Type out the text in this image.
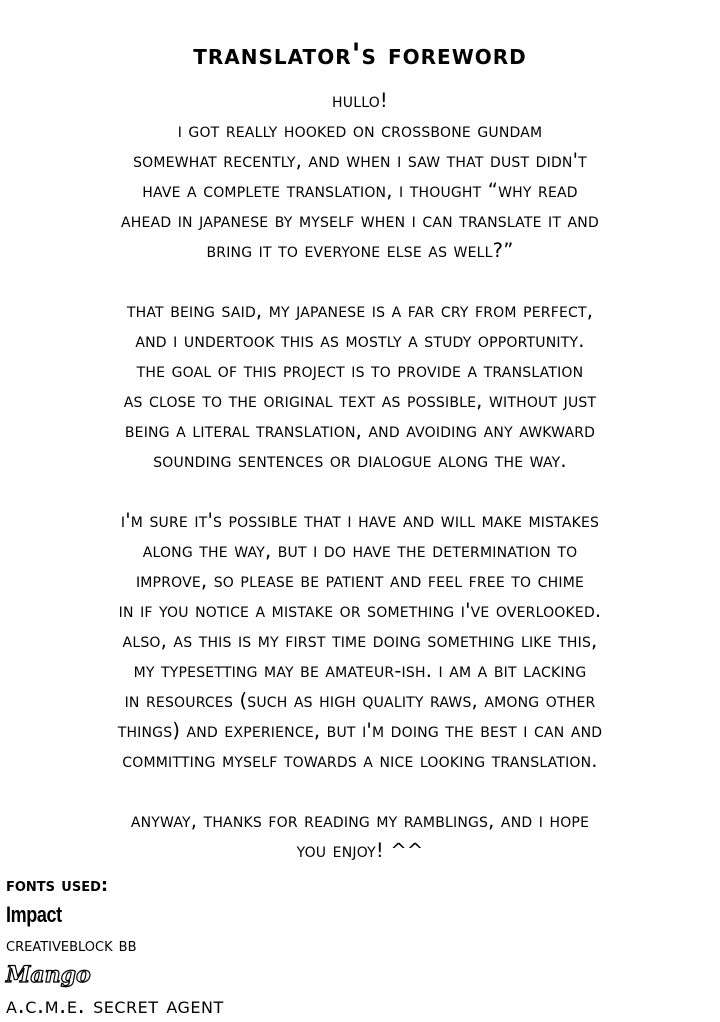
translator's foreword
hullo!
i got really hooked on crossbone gundam
somewhat recently, and when i saw that dust didn't
have a complete translation, i thought “why read
ahead in japanese by myself when i can translate it and
bring it to everyone else as well?”
that being said, my japanese is a far cry from perfect,
and i undertook this as mostly a study opportunity.
the goal of this project is to provide a translation
as close to the original text as possible, without just
being a literal translation, and avoiding any awkward
sounding sentences or dialogue along the way.
i'm sure it's possible that i have and will make mistakes
along the way, but i do have the determination to
improve, so please be patient and feel free to chime
in if you notice a mistake or something i've overlooked.
also, as this is my first time doing something like this,
my typesetting may be amateur-ish. i am a bit lacking
in resources (such as high quality raws, among other
things) and experience, but i'm doing the best i can and
committing myself towards a nice looking translation.
anyway, thanks for reading my ramblings, and i hope
you enjoy! ^^
fonts used:
Impact
creativeblock bb
Mango
a.c.m.e. secret agent
